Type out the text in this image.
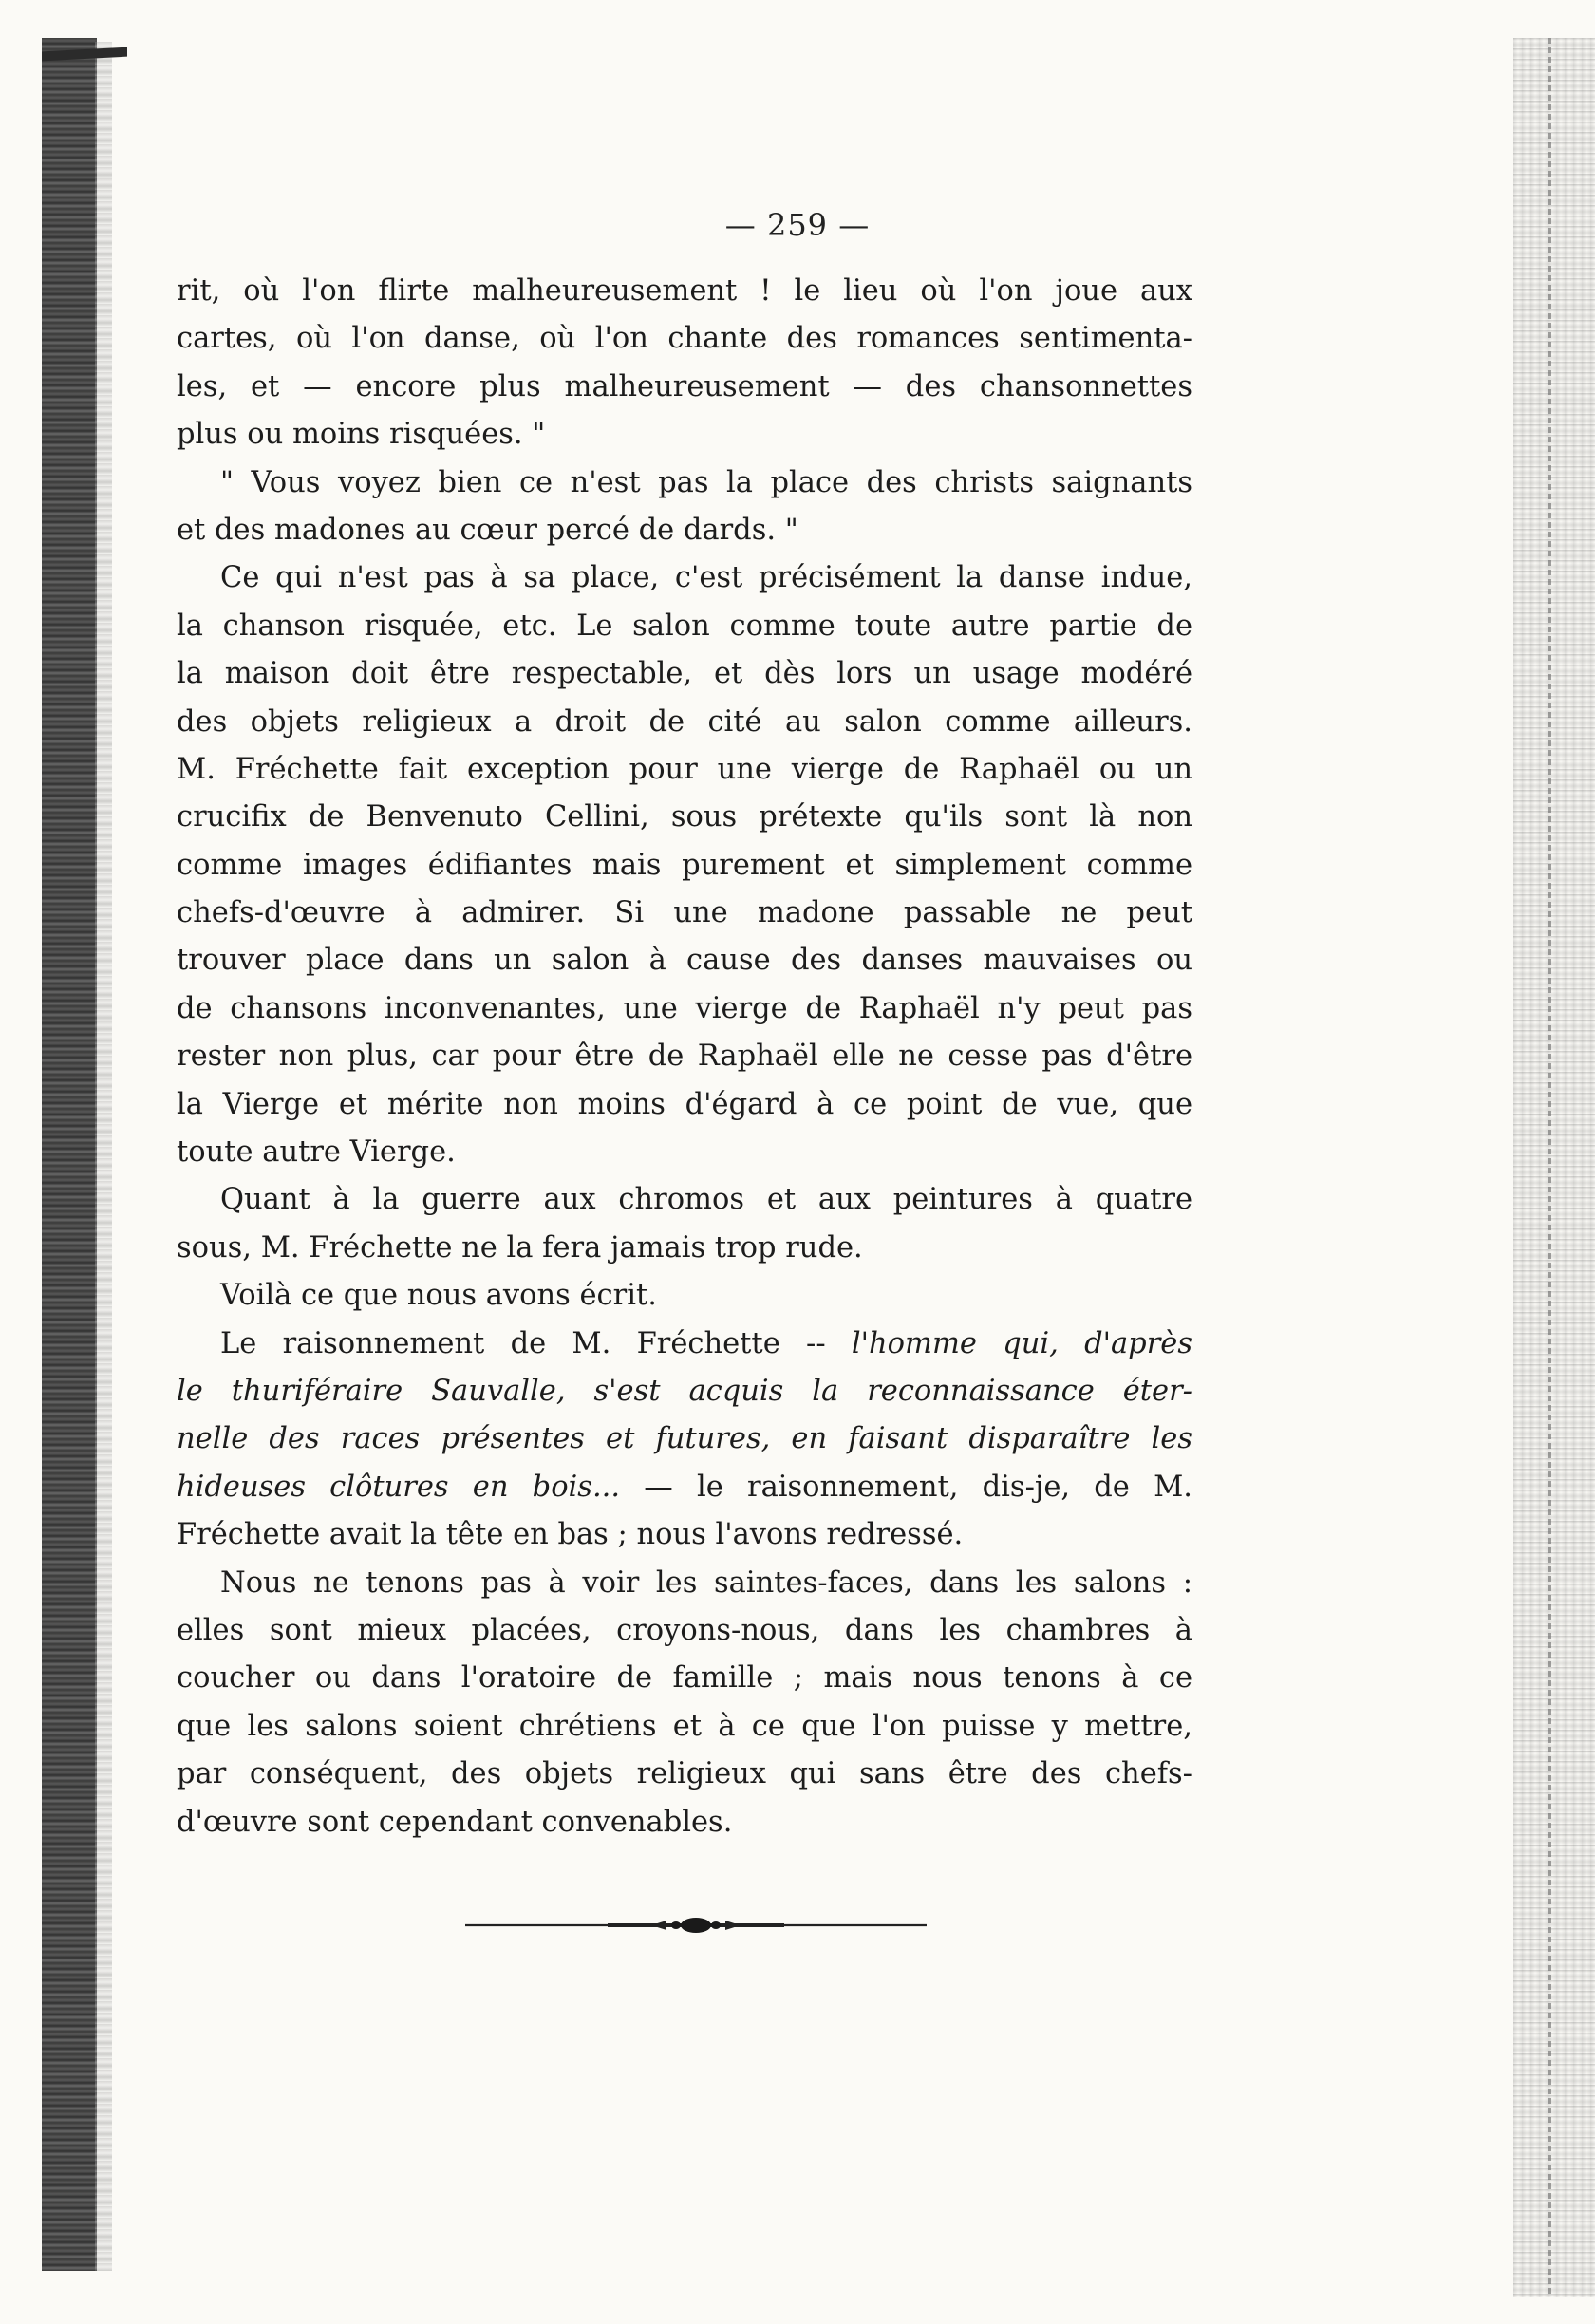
— 259 —
rit, où l'on flirte malheureusement ! le lieu où l'on joue aux
cartes, où l'on danse, où l'on chante des romances sentimenta-
les, et — encore plus malheureusement — des chansonnettes
plus ou moins risquées. "
" Vous voyez bien ce n'est pas la place des christs saignants
et des madones au cœur percé de dards. "
Ce qui n'est pas à sa place, c'est précisément la danse indue,
la chanson risquée, etc. Le salon comme toute autre partie de
la maison doit être respectable, et dès lors un usage modéré
des objets religieux a droit de cité au salon comme ailleurs.
M. Fréchette fait exception pour une vierge de Raphaël ou un
crucifix de Benvenuto Cellini, sous prétexte qu'ils sont là non
comme images édifiantes mais purement et simplement comme
chefs-d'œuvre à admirer. Si une madone passable ne peut
trouver place dans un salon à cause des danses mauvaises ou
de chansons inconvenantes, une vierge de Raphaël n'y peut pas
rester non plus, car pour être de Raphaël elle ne cesse pas d'être
la Vierge et mérite non moins d'égard à ce point de vue, que
toute autre Vierge.
Quant à la guerre aux chromos et aux peintures à quatre
sous, M. Fréchette ne la fera jamais trop rude.
Voilà ce que nous avons écrit.
Le raisonnement de M. Fréchette -- l'homme qui, d'après
le thuriféraire Sauvalle, s'est acquis la reconnaissance éter-
nelle des races présentes et futures, en faisant disparaître les
hideuses clôtures en bois... — le raisonnement, dis-je, de M.
Fréchette avait la tête en bas ; nous l'avons redressé.
Nous ne tenons pas à voir les saintes-faces, dans les salons :
elles sont mieux placées, croyons-nous, dans les chambres à
coucher ou dans l'oratoire de famille ; mais nous tenons à ce
que les salons soient chrétiens et à ce que l'on puisse y mettre,
par conséquent, des objets religieux qui sans être des chefs-
d'œuvre sont cependant convenables.
